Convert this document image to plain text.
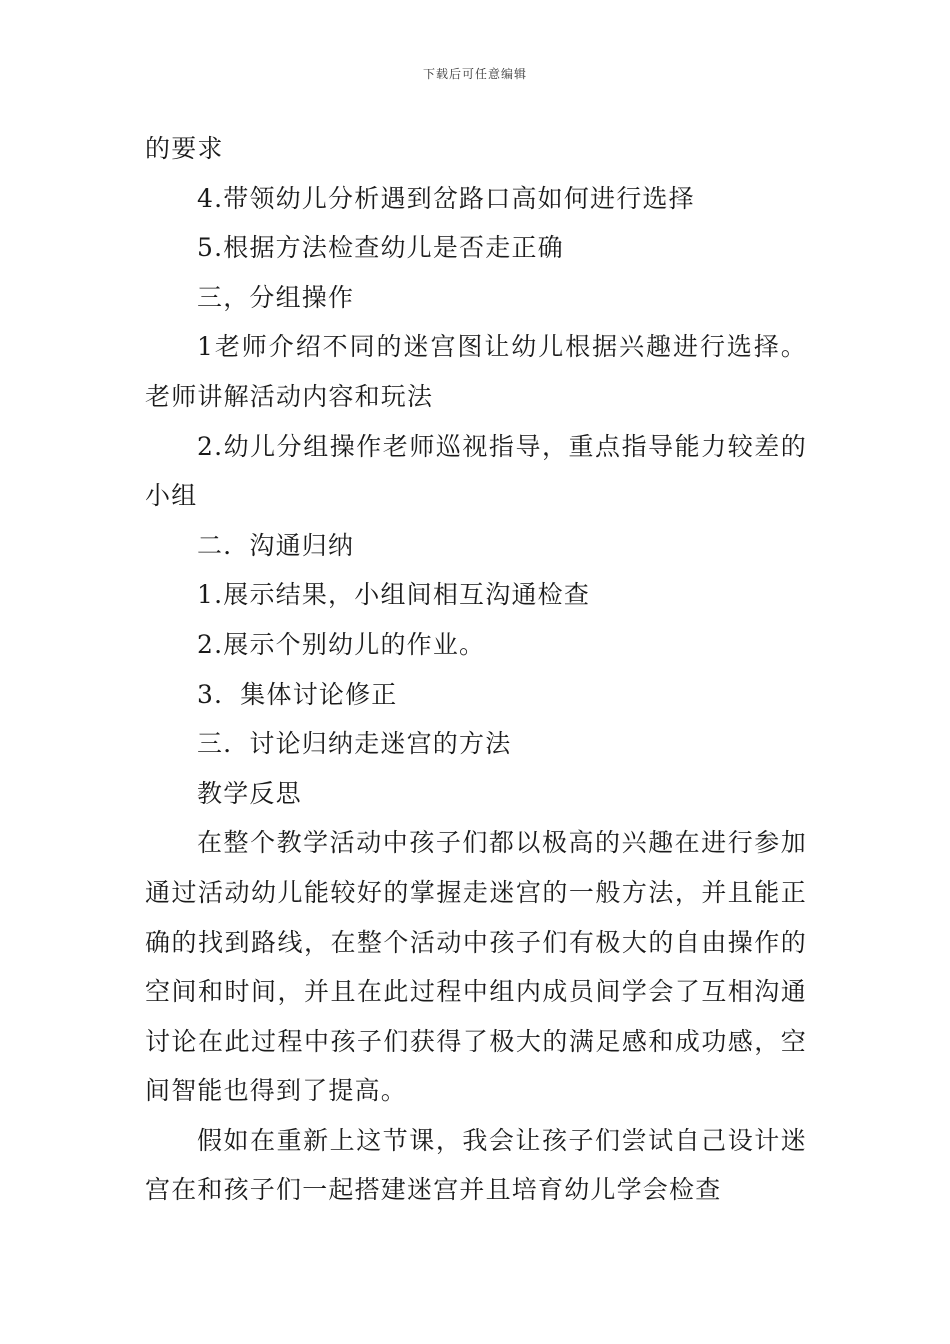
下载后可任意编辑

的要求

4.带领幼儿分析遇到岔路口高如何进行选择

5.根据方法检查幼儿是否走正确

三，分组操作

1老师介绍不同的迷宫图让幼儿根据兴趣进行选择。老师讲解活动内容和玩法

2.幼儿分组操作老师巡视指导，重点指导能力较差的小组

二．沟通归纳

1.展示结果，小组间相互沟通检查

2.展示个别幼儿的作业。

3．集体讨论修正

三．讨论归纳走迷宫的方法

教学反思

在整个教学活动中孩子们都以极高的兴趣在进行参加通过活动幼儿能较好的掌握走迷宫的一般方法，并且能正确的找到路线，在整个活动中孩子们有极大的自由操作的空间和时间，并且在此过程中组内成员间学会了互相沟通讨论在此过程中孩子们获得了极大的满足感和成功感，空间智能也得到了提高。

假如在重新上这节课，我会让孩子们尝试自己设计迷宫在和孩子们一起搭建迷宫并且培育幼儿学会检查
